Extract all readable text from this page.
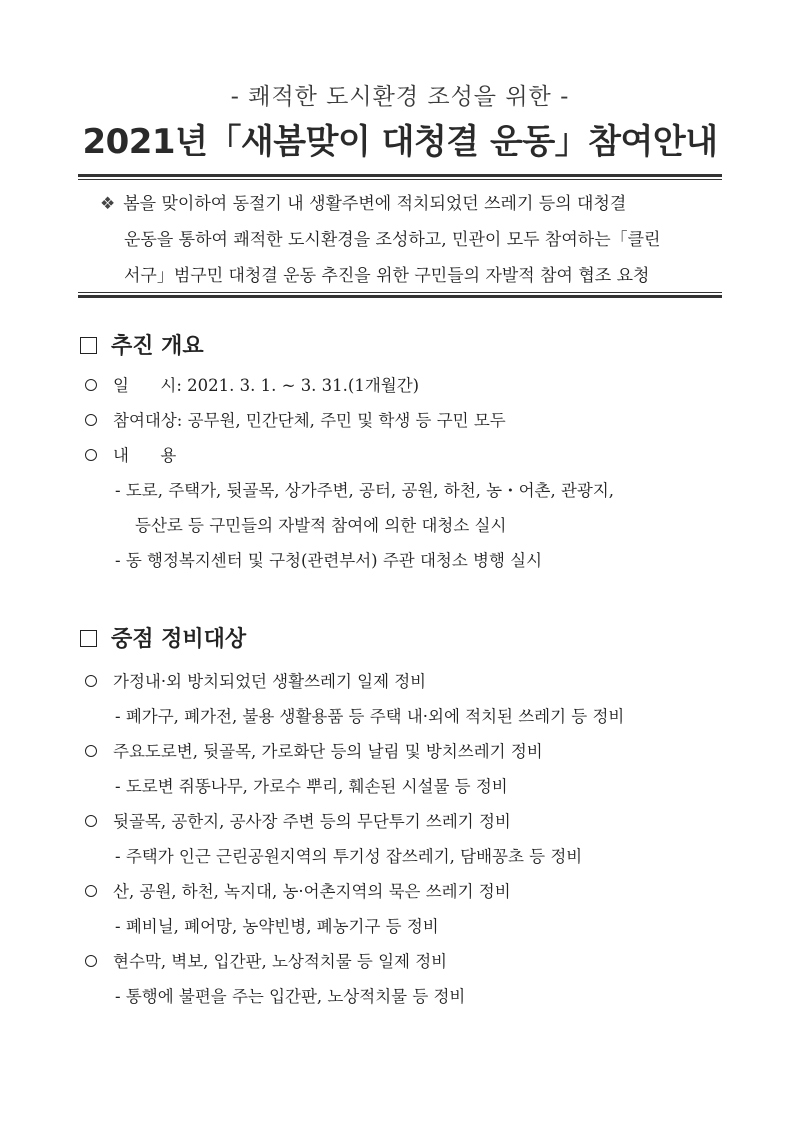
- 쾌적한 도시환경 조성을 위한 -
2021년「새봄맞이 대청결 운동」참여안내
❖ 봄을 맞이하여 동절기 내 생활주변에 적치되었던 쓰레기 등의 대청결
운동을 통하여 쾌적한 도시환경을 조성하고, 민관이 모두 참여하는「클린
서구」범구민 대청결 운동 추진을 위한 구민들의 자발적 참여 협조 요청
추진 개요
일      시: 2021. 3. 1. ~ 3. 31.(1개월간)
참여대상: 공무원, 민간단체, 주민 및 학생 등 구민 모두
내      용
- 도로, 주택가, 뒷골목, 상가주변, 공터, 공원, 하천, 농・어촌, 관광지,
등산로 등 구민들의 자발적 참여에 의한 대청소 실시
- 동 행정복지센터 및 구청(관련부서) 주관 대청소 병행 실시
중점 정비대상
가정내·외 방치되었던 생활쓰레기 일제 정비
- 폐가구, 폐가전, 불용 생활용품 등 주택 내·외에 적치된 쓰레기 등 정비
주요도로변, 뒷골목, 가로화단 등의 날림 및 방치쓰레기 정비
- 도로변 쥐똥나무, 가로수 뿌리, 훼손된 시설물 등 정비
뒷골목, 공한지, 공사장 주변 등의 무단투기 쓰레기 정비
- 주택가 인근 근린공원지역의 투기성 잡쓰레기, 담배꽁초 등 정비
산, 공원, 하천, 녹지대, 농·어촌지역의 묵은 쓰레기 정비
- 폐비닐, 폐어망, 농약빈병, 폐농기구 등 정비
현수막, 벽보, 입간판, 노상적치물 등 일제 정비
- 통행에 불편을 주는 입간판, 노상적치물 등 정비
